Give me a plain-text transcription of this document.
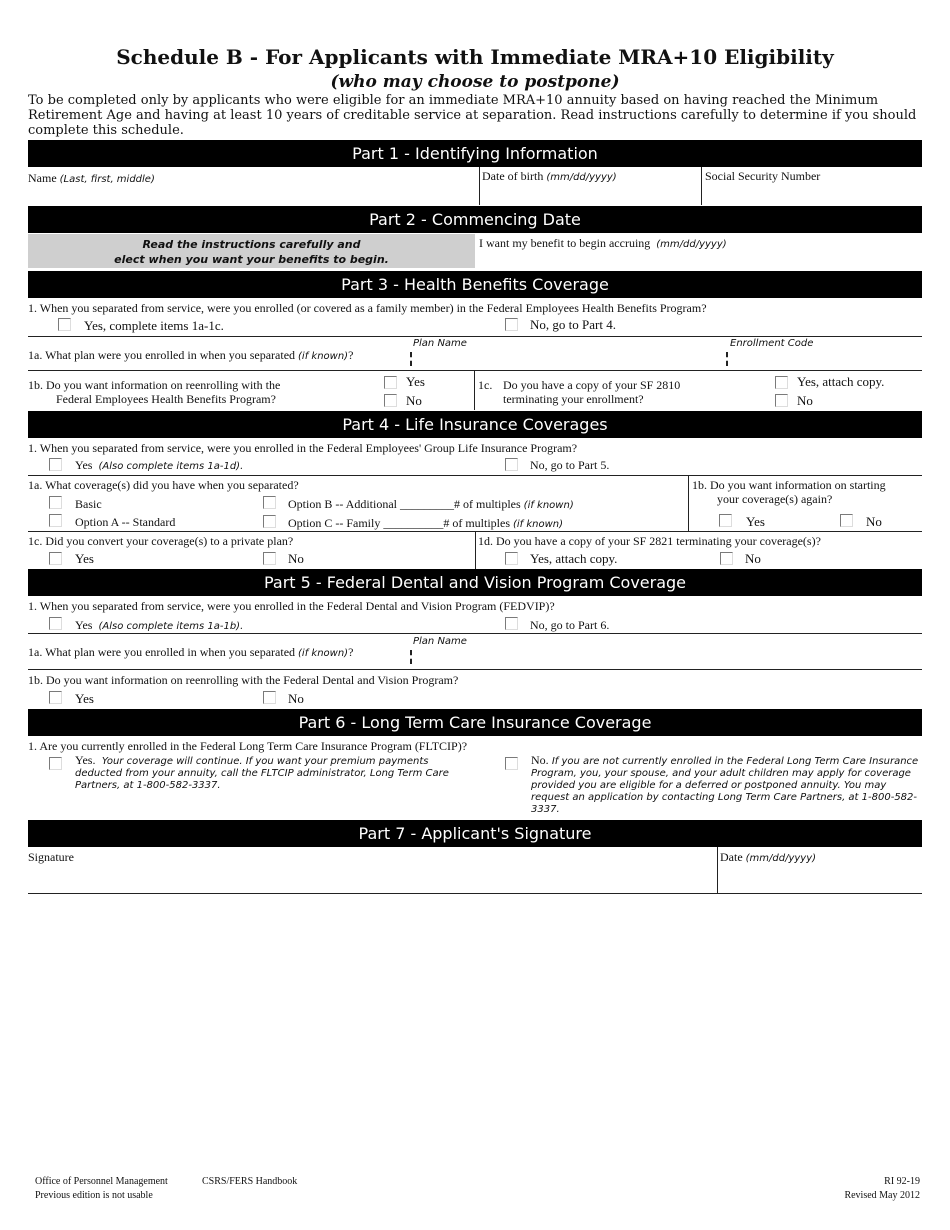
Schedule B - For Applicants with Immediate MRA+10 Eligibility
(who may choose to postpone)
To be completed only by applicants who were eligible for an immediate MRA+10 annuity based on having reached the Minimum Retirement Age and having at least 10 years of creditable service at separation. Read instructions carefully to determine if you should complete this schedule.
Part 1 - Identifying Information
Name (Last, first, middle)	Date of birth (mm/dd/yyyy)	Social Security Number
Part 2 - Commencing Date
Read the instructions carefully and
elect when you want your benefits to begin.
I want my benefit to begin accruing (mm/dd/yyyy)
Part 3 - Health Benefits Coverage
1. When you separated from service, were you enrolled (or covered as a family member) in the Federal Employees Health Benefits Program?
Yes, complete items 1a-1c.	No, go to Part 4.
1a. What plan were you enrolled in when you separated (if known)?
Plan Name	Enrollment Code
1b. Do you want information on reenrolling with the
Federal Employees Health Benefits Program?
Yes
No
1c. Do you have a copy of your SF 2810
terminating your enrollment?
Yes, attach copy.
No
Part 4 - Life Insurance Coverages
1. When you separated from service, were you enrolled in the Federal Employees' Group Life Insurance Program?
Yes (Also complete items 1a-1d).	No, go to Part 5.
1a. What coverage(s) did you have when you separated?
Basic
Option A -- Standard
Option B -- Additional _________# of multiples (if known)
Option C -- Family __________# of multiples (if known)
1b. Do you want information on starting
your coverage(s) again?
Yes	No
1c. Did you convert your coverage(s) to a private plan?
Yes	No
1d. Do you have a copy of your SF 2821 terminating your coverage(s)?
Yes, attach copy.	No
Part 5 - Federal Dental and Vision Program Coverage
1. When you separated from service, were you enrolled in the Federal Dental and Vision Program (FEDVIP)?
Yes (Also complete items 1a-1b).	No, go to Part 6.
1a. What plan were you enrolled in when you separated (if known)?
Plan Name
1b. Do you want information on reenrolling with the Federal Dental and Vision Program?
Yes	No
Part 6 - Long Term Care Insurance Coverage
1. Are you currently enrolled in the Federal Long Term Care Insurance Program (FLTCIP)?
Yes. Your coverage will continue. If you want your premium payments deducted from your annuity, call the FLTCIP administrator, Long Term Care Partners, at 1-800-582-3337.
No. If you are not currently enrolled in the Federal Long Term Care Insurance Program, you, your spouse, and your adult children may apply for coverage provided you are eligible for a deferred or postponed annuity. You may request an application by contacting Long Term Care Partners, at 1-800-582-3337.
Part 7 - Applicant's Signature
Signature	Date (mm/dd/yyyy)
Office of Personnel Management	CSRS/FERS Handbook
Previous edition is not usable
RI 92-19
Revised May 2012
